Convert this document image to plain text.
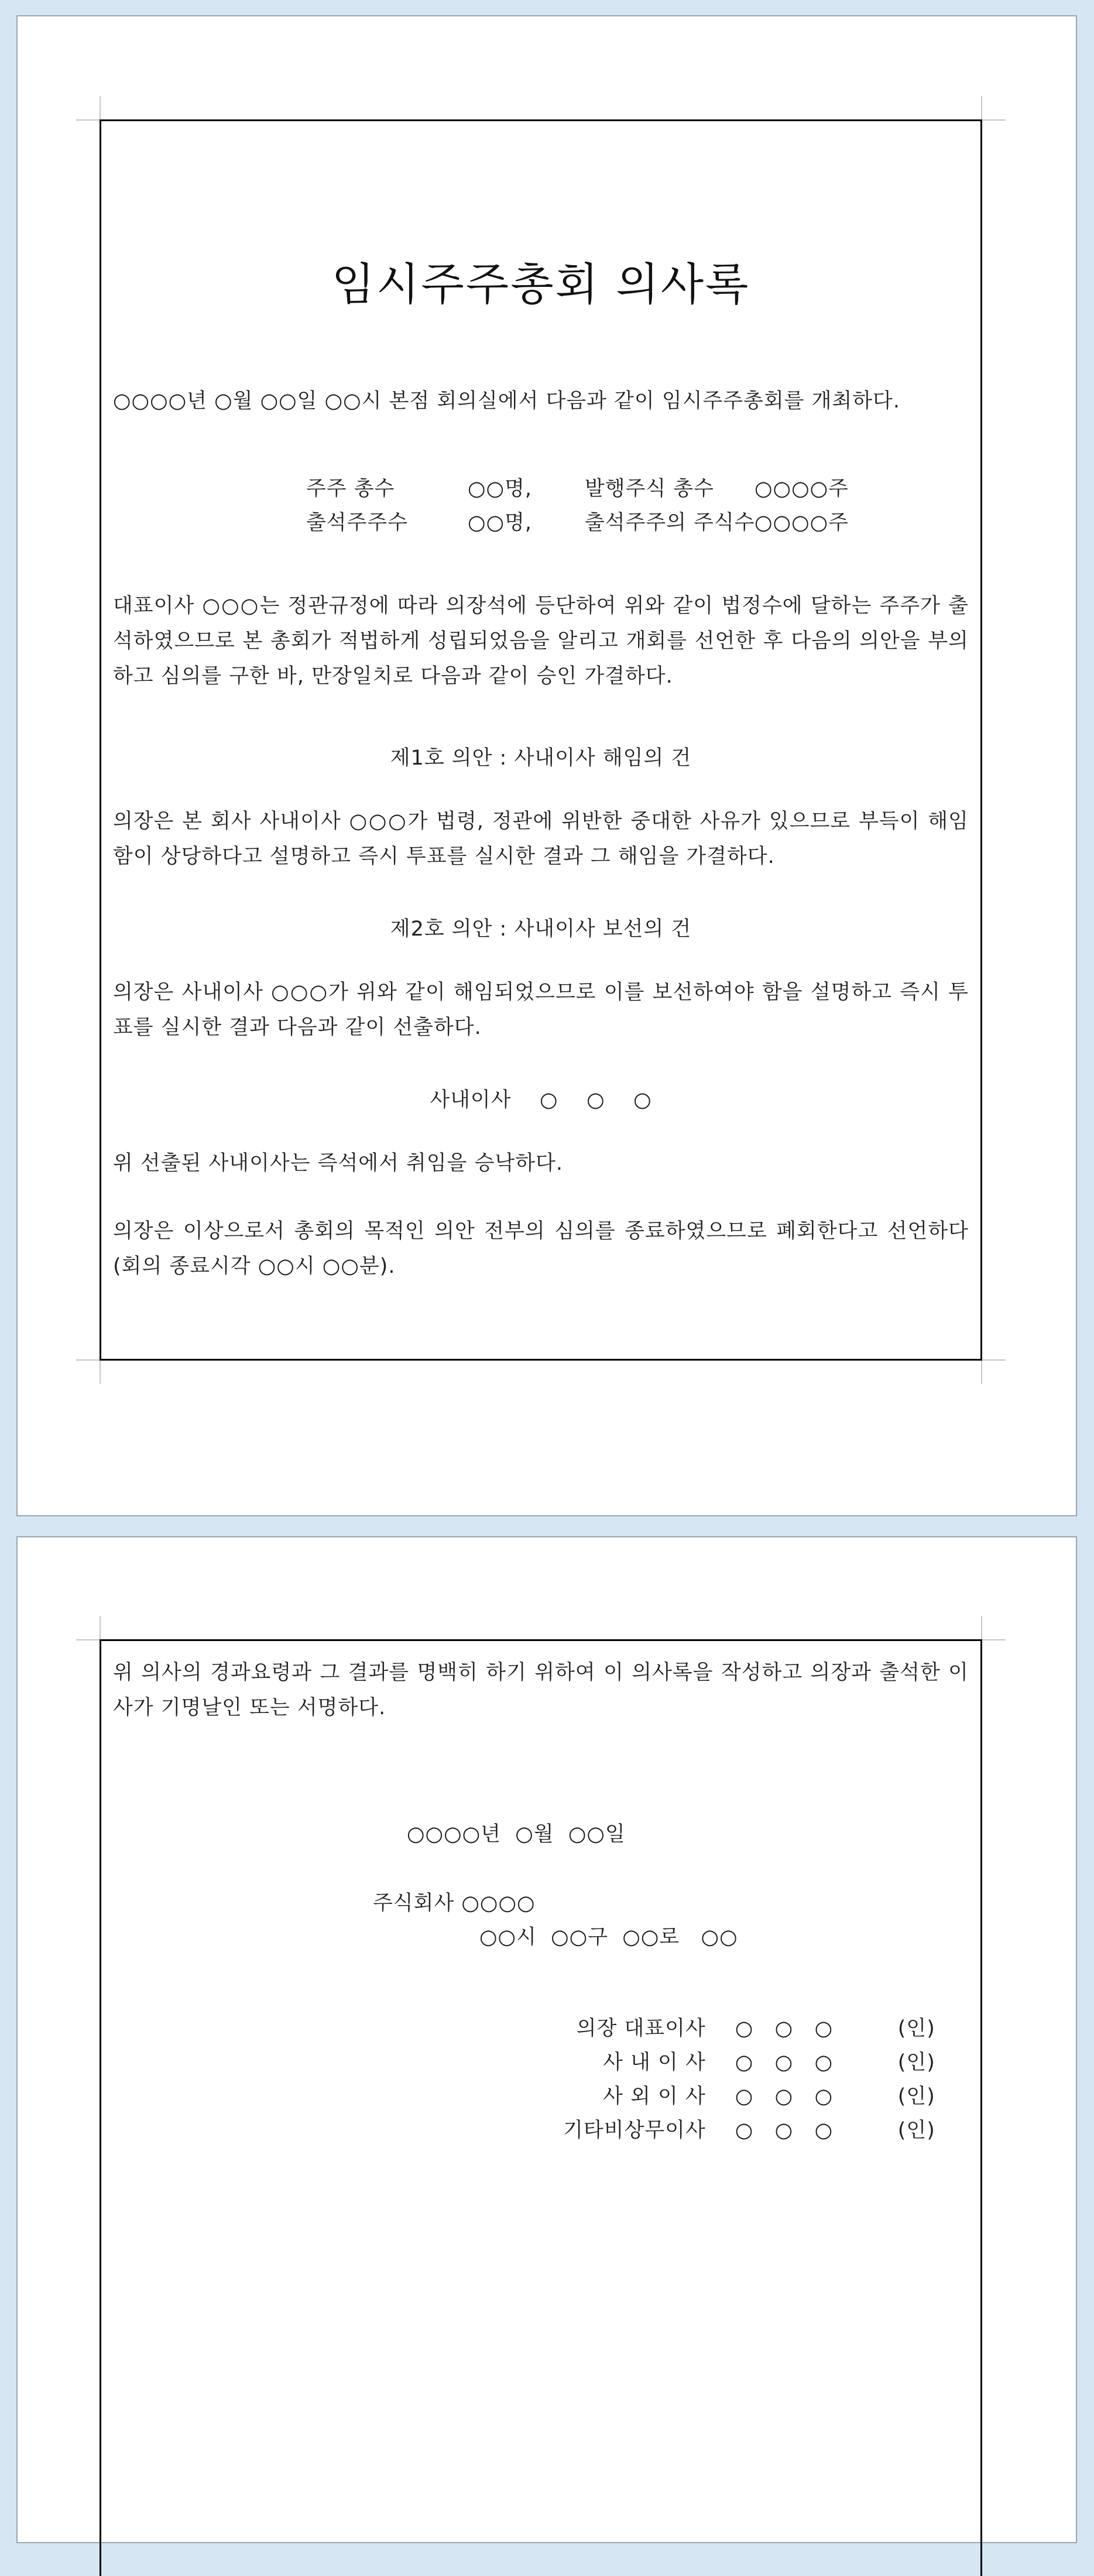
임시주주총회 의사록

○○○○년 ○월 ○○일 ○○시 본점 회의실에서 다음과 같이 임시주주총회를 개최하다.

주주 총수	○○명,	발행주식 총수 ○○○○주
출석주주수	○○명,	출석주주의 주식수○○○○주

대표이사 ○○○는 정관규정에 따라 의장석에 등단하여 위와 같이 법정수에 달하는 주주가 출석하였으므로 본 총회가 적법하게 성립되었음을 알리고 개회를 선언한 후 다음의 의안을 부의하고 심의를 구한 바, 만장일치로 다음과 같이 승인 가결하다.

제1호 의안 : 사내이사 해임의 건

의장은 본 회사 사내이사 ○○○가 법령, 정관에 위반한 중대한 사유가 있으므로 부득이 해임함이 상당하다고 설명하고 즉시 투표를 실시한 결과 그 해임을 가결하다.

제2호 의안 : 사내이사 보선의 건

의장은 사내이사 ○○○가 위와 같이 해임되었으므로 이를 보선하여야 함을 설명하고 즉시 투표를 실시한 결과 다음과 같이 선출하다.

사내이사    ○    ○    ○

위 선출된 사내이사는 즉석에서 취임을 승낙하다.

의장은 이상으로서 총회의 목적인 의안 전부의 심의를 종료하였으므로 폐회한다고 선언하다(회의 종료시각 ○○시 ○○분).

위 의사의 경과요령과 그 결과를 명백히 하기 위하여 이 의사록을 작성하고 의장과 출석한 이사가 기명날인 또는 서명하다.

○○○○년  ○월  ○○일
주식회사 ○○○○
○○시  ○○구  ○○로   ○○

의장 대표이사 ○   ○   ○	(인)

사 내 이 사 ○   ○   ○	(인)

사 외 이 사 ○   ○   ○	(인)

기타비상무이사 ○   ○   ○	(인)
